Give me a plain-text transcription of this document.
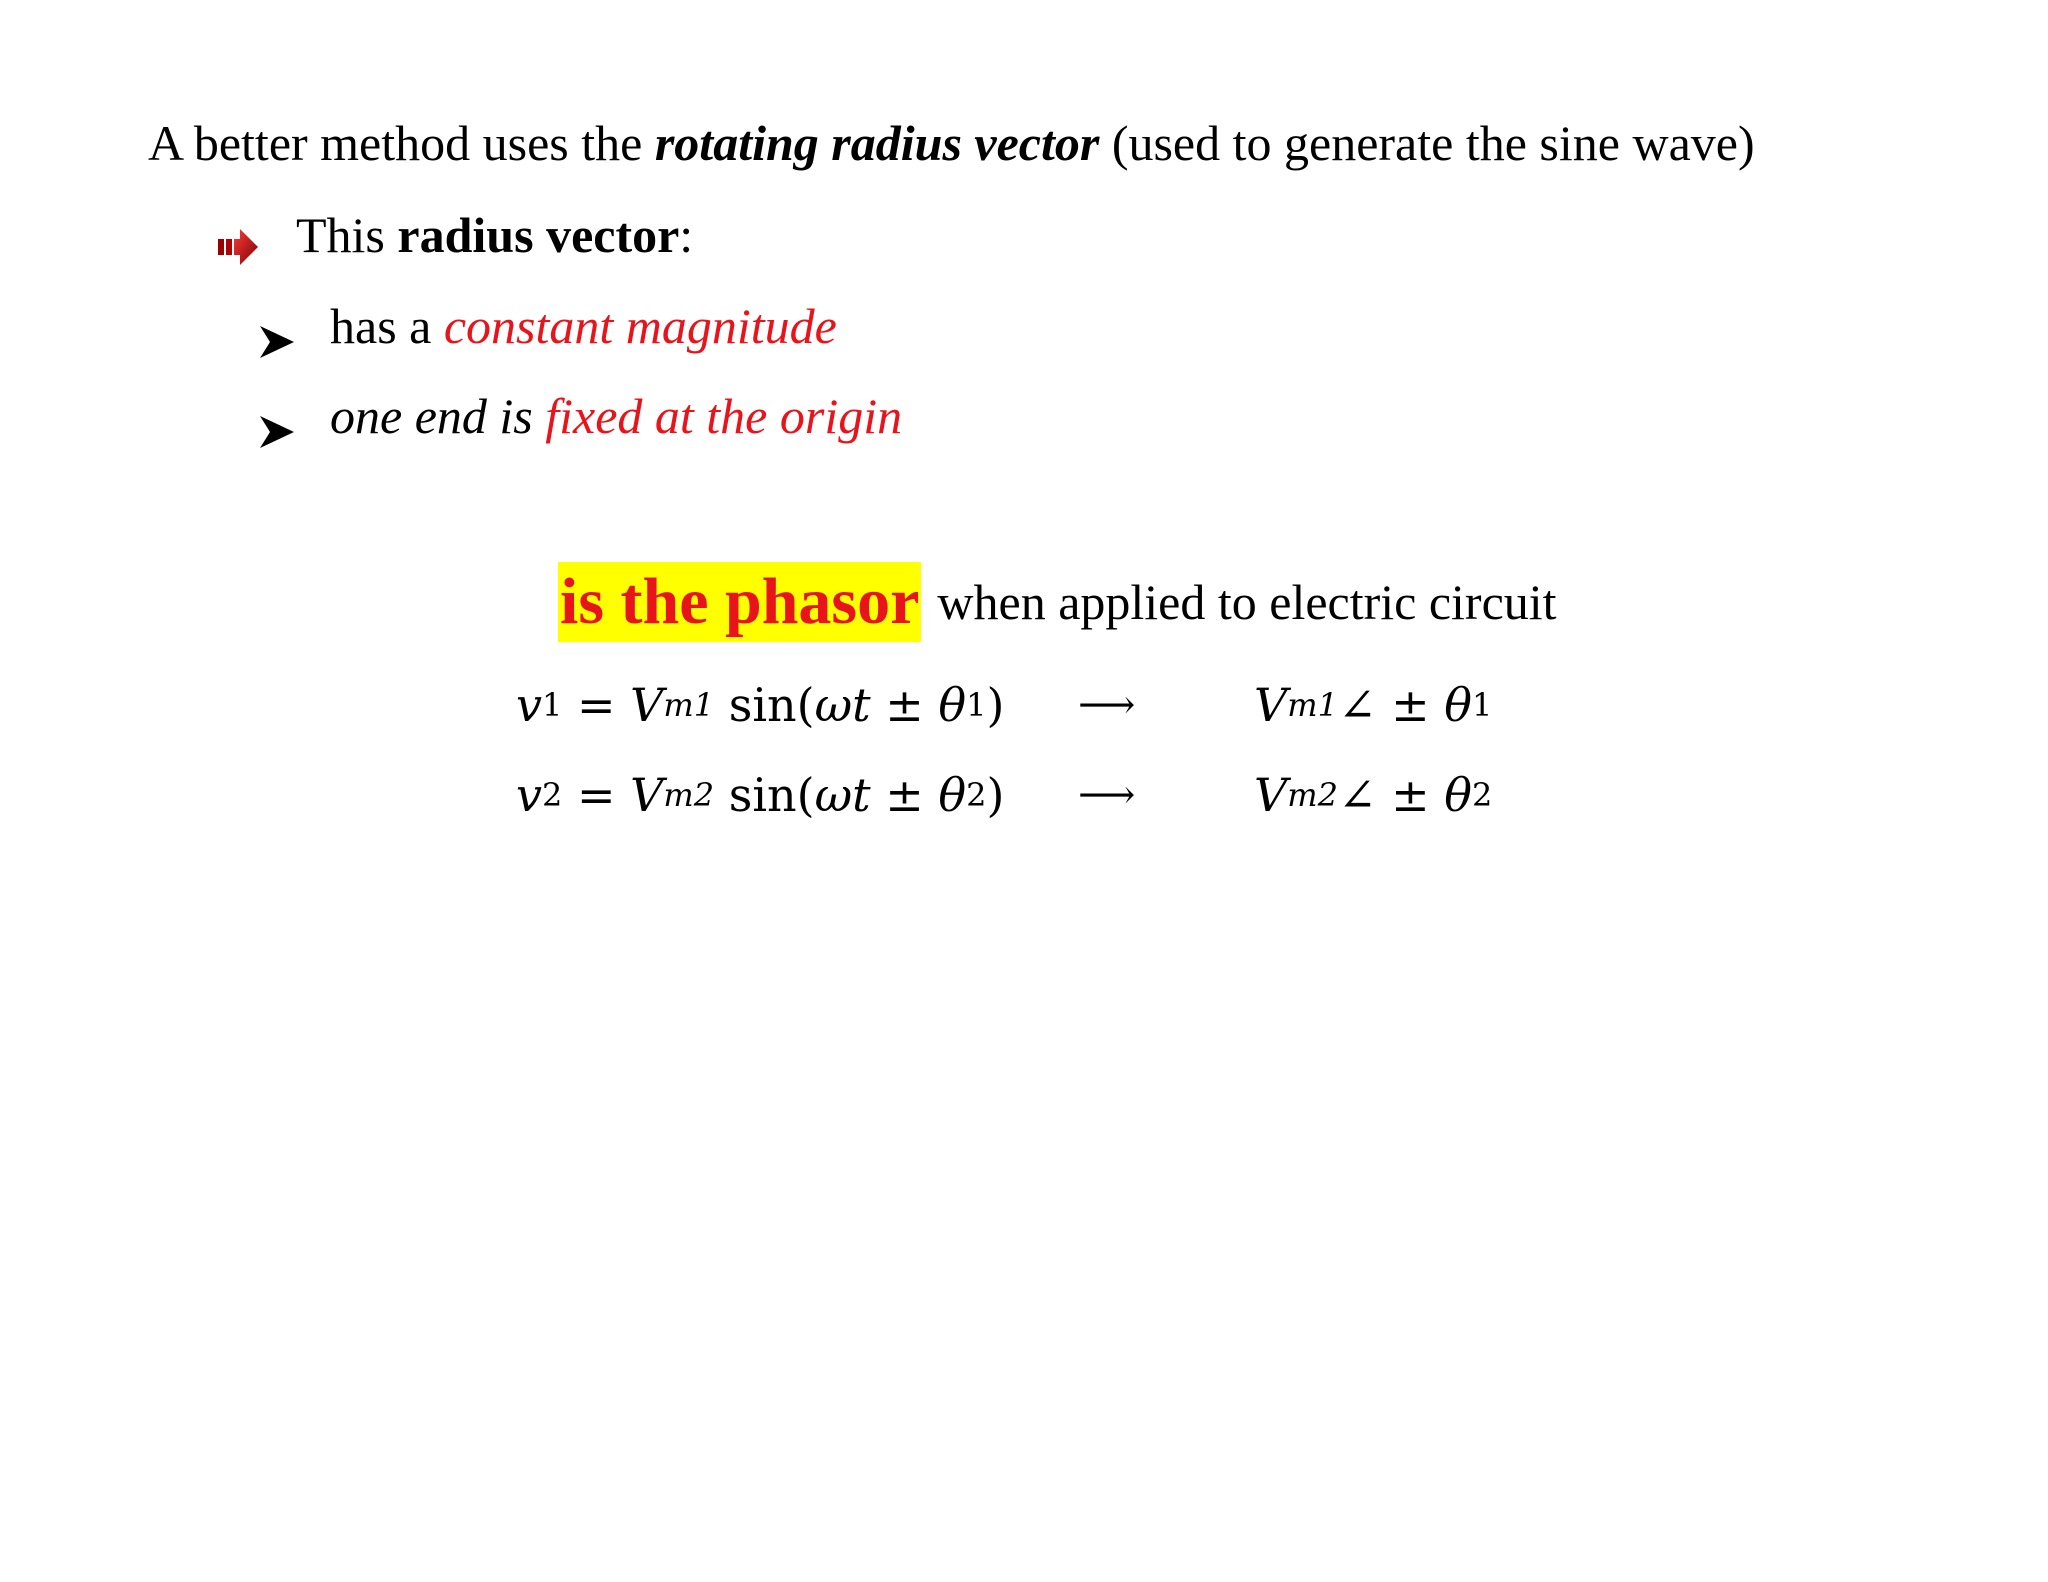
A better method uses the rotating radius vector (used to generate the sine wave)
This radius vector:
has a constant magnitude
one end is fixed at the origin
is the phasor when applied to electric circuit
v 1 = V m1 sin( ωt ± θ 1 ) ⟶	V m1 ∠ ± θ 1
v 2 = V m2 sin( ωt ± θ 2 ) ⟶	V m2 ∠ ± θ 2
